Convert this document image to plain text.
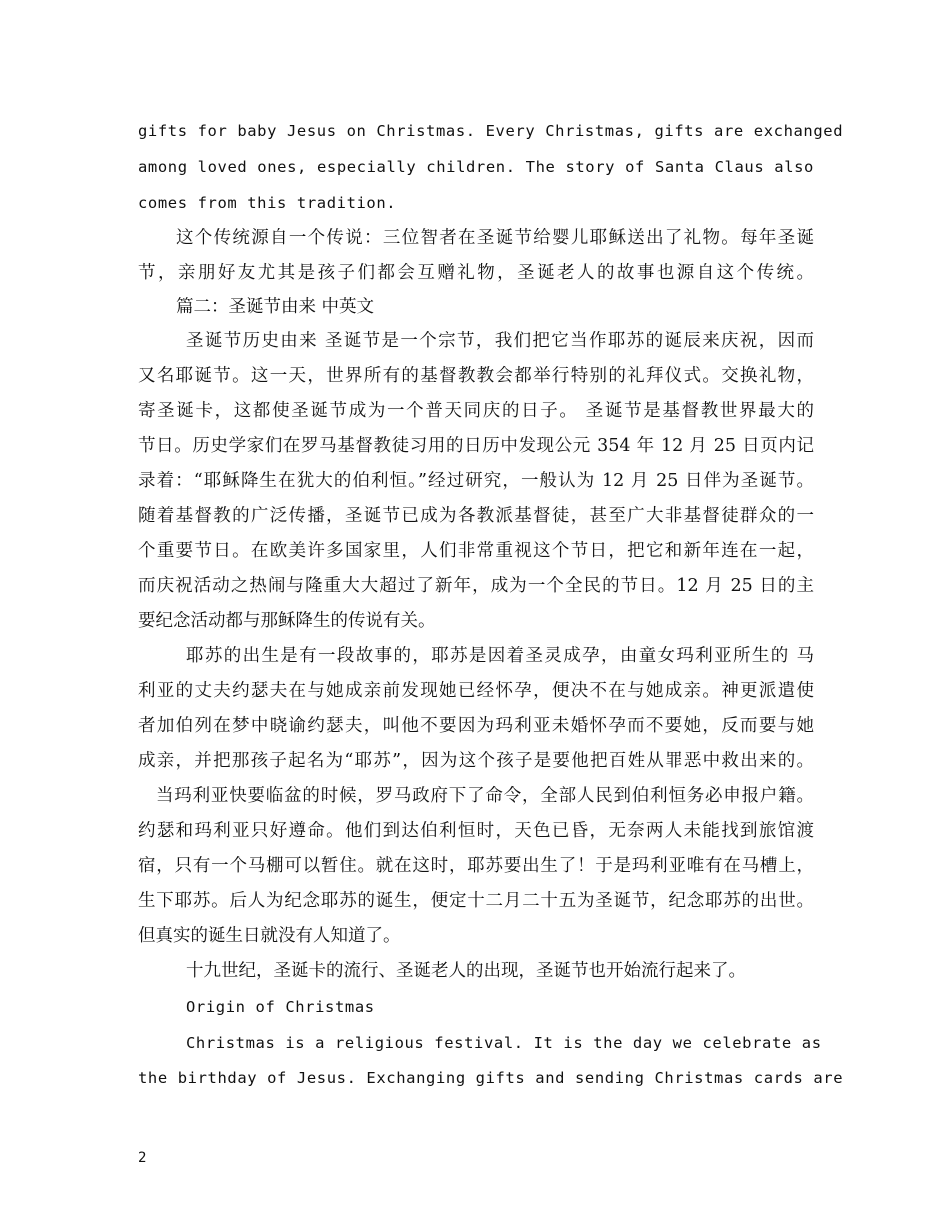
gifts for baby Jesus on Christmas. Every Christmas, gifts are exchanged
among loved ones, especially children. The story of Santa Claus also
comes from this tradition.
这个传统源自一个传说：三位智者在圣诞节给婴儿耶稣送出了礼物。每年圣诞
节，亲朋好友尤其是孩子们都会互赠礼物，圣诞老人的故事也源自这个传统。
篇二：圣诞节由来 中英文
圣诞节历史由来 圣诞节是一个宗节，我们把它当作耶苏的诞辰来庆祝，因而
又名耶诞节。这一天，世界所有的基督教教会都举行特别的礼拜仪式。交换礼物，
寄圣诞卡，这都使圣诞节成为一个普天同庆的日子。 圣诞节是基督教世界最大的
节日。历史学家们在罗马基督教徒习用的日历中发现公元 354 年 12 月 25 日页内记
录着：“耶稣降生在犹大的伯利恒。”经过研究，一般认为 12 月 25 日伴为圣诞节。
随着基督教的广泛传播，圣诞节已成为各教派基督徒，甚至广大非基督徒群众的一
个重要节日。在欧美许多国家里，人们非常重视这个节日，把它和新年连在一起，
而庆祝活动之热闹与隆重大大超过了新年，成为一个全民的节日。12 月 25 日的主
要纪念活动都与那稣降生的传说有关。
耶苏的出生是有一段故事的，耶苏是因着圣灵成孕，由童女玛利亚所生的 马
利亚的丈夫约瑟夫在与她成亲前发现她已经怀孕，便决不在与她成亲。神更派遣使
者加伯列在梦中晓谕约瑟夫，叫他不要因为玛利亚未婚怀孕而不要她，反而要与她
成亲，并把那孩子起名为“耶苏”，因为这个孩子是要他把百姓从罪恶中救出来的。
当玛利亚快要临盆的时候，罗马政府下了命令，全部人民到伯利恒务必申报户籍。
约瑟和玛利亚只好遵命。他们到达伯利恒时，天色已昏，无奈两人未能找到旅馆渡
宿，只有一个马棚可以暂住。就在这时，耶苏要出生了！于是玛利亚唯有在马槽上，
生下耶苏。后人为纪念耶苏的诞生，便定十二月二十五为圣诞节，纪念耶苏的出世。
但真实的诞生日就没有人知道了。
十九世纪，圣诞卡的流行、圣诞老人的出现，圣诞节也开始流行起来了。
Origin of Christmas
Christmas is a religious festival. It is the day we celebrate as
the birthday of Jesus. Exchanging gifts and sending Christmas cards are
2
